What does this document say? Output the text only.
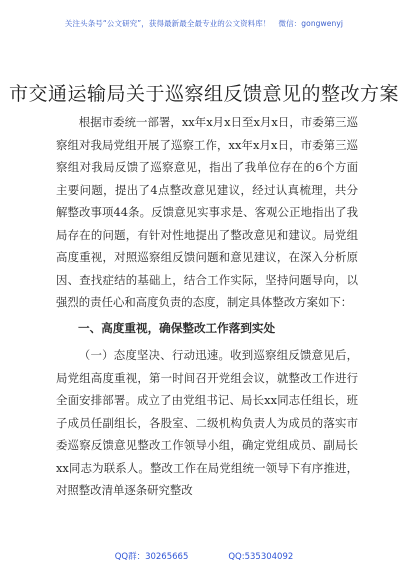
关注头条号“公文研究”，获得最新最全最专业的公文资料库！ 微信：gongwenyj
市交通运输局关于巡察组反馈意见的整改方案

根据市委统一部署，xx年x月x日至x月x日，市委第三巡察组对我局党组开展了巡察工作，xx年x月x日，市委第三巡察组对我局反馈了巡察意见，指出了我单位存在的6个方面主要问题，提出了4点整改意见建议，经过认真梳理，共分解整改事项44条。反馈意见实事求是、客观公正地指出了我局存在的问题，有针对性地提出了整改意见和建议。局党组高度重视，对照巡察组反馈问题和意见建议，在深入分析原因、查找症结的基础上，结合工作实际，坚持问题导向，以强烈的责任心和高度负责的态度，制定具体整改方案如下：

一、高度重视，确保整改工作落到实处

（一）态度坚决、行动迅速。收到巡察组反馈意见后，局党组高度重视，第一时间召开党组会议，就整改工作进行全面安排部署。成立了由党组书记、局长xx同志任组长，班子成员任副组长，各股室、二级机构负责人为成员的落实市委巡察反馈意见整改工作领导小组，确定党组成员、副局长xx同志为联系人。整改工作在局党组统一领导下有序推进，对照整改清单逐条研究整改

QQ群：30265665	QQ:535304092
